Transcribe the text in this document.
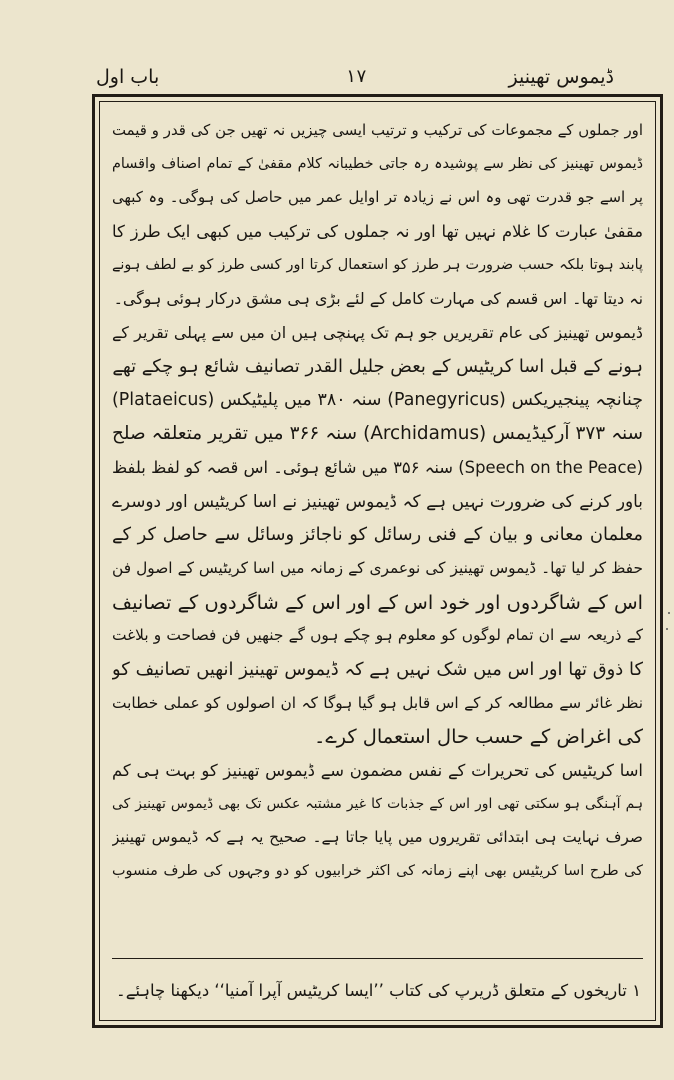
ڈیموس تھینیز
۱۷
باب اول
اور جملوں کے مجموعات کی ترکیب و ترتیب ایسی چیزیں نہ تھیں جن کی قدر و قیمت
ڈیموس تھینیز کی نظر سے پوشیدہ رہ جاتی خطیبانہ کلام مقفیٰ کے تمام اصناف واقسام
پر اسے جو قدرت تھی وہ اس نے زیادہ تر اوایل عمر میں حاصل کی ہوگی۔ وہ کبھی
مقفیٰ عبارت کا غلام نہیں تھا اور نہ جملوں کی ترکیب میں کبھی ایک طرز کا
پابند ہوتا بلکہ حسب ضرورت ہر طرز کو استعمال کرتا اور کسی طرز کو بے لطف ہونے
نہ دیتا تھا۔ اس قسم کی مہارت کامل کے لئے بڑی ہی مشق درکار ہوئی ہوگی۔
ڈیموس تھینیز کی عام تقریریں جو ہم تک پہنچی ہیں ان میں سے پہلی تقریر کے
ہونے کے قبل اسا کریٹیس کے بعض جلیل القدر تصانیف شائع ہو چکے تھے
چنانچہ پینجیریکس (Panegyricus) سنہ ۳۸۰ میں پلیٹیکس (Plataeicus)
سنہ ۳۷۳ آرکیڈیمس (Archidamus) سنہ ۳۶۶ میں تقریر متعلقہ صلح
(Speech on the Peace) سنہ ۳۵۶ میں شائع ہوئی۔ اس قصہ کو لفظ بلفظ
باور کرنے کی ضرورت نہیں ہے کہ ڈیموس تھینیز نے اسا کریٹیس اور دوسرے
معلمان معانی و بیان کے فنی رسائل کو ناجائز وسائل سے حاصل کر کے
حفظ کر لیا تھا۔ ڈیموس تھینیز کی نوعمری کے زمانہ میں اسا کریٹیس کے اصول فن
اس کے شاگردوں اور خود اس کے اور اس کے شاگردوں کے تصانیف
کے ذریعہ سے ان تمام لوگوں کو معلوم ہو چکے ہوں گے جنھیں فن فصاحت و بلاغت
کا ذوق تھا اور اس میں شک نہیں ہے کہ ڈیموس تھینیز انھیں تصانیف کو
نظر غائر سے مطالعہ کر کے اس قابل ہو گیا ہوگا کہ ان اصولوں کو عملی خطابت
کی اغراض کے حسب حال استعمال کرے۔
اسا کریٹیس کی تحریرات کے نفس مضمون سے ڈیموس تھینیز کو بہت ہی کم
ہم آہنگی ہو سکتی تھی اور اس کے جذبات کا غیر مشتبہ عکس تک بھی ڈیموس تھینیز کی
صرف نہایت ہی ابتدائی تقریروں میں پایا جاتا ہے۔ صحیح یہ ہے کہ ڈیموس تھینیز
کی طرح اسا کریٹیس بھی اپنے زمانہ کی اکثر خرابیوں کو دو وجہوں کی طرف منسوب
۱ تاریخوں کے متعلق ڈریرپ کی کتاب ’’ایسا کریٹیس آپرا آمنیا‘‘ دیکھنا چاہئے۔
